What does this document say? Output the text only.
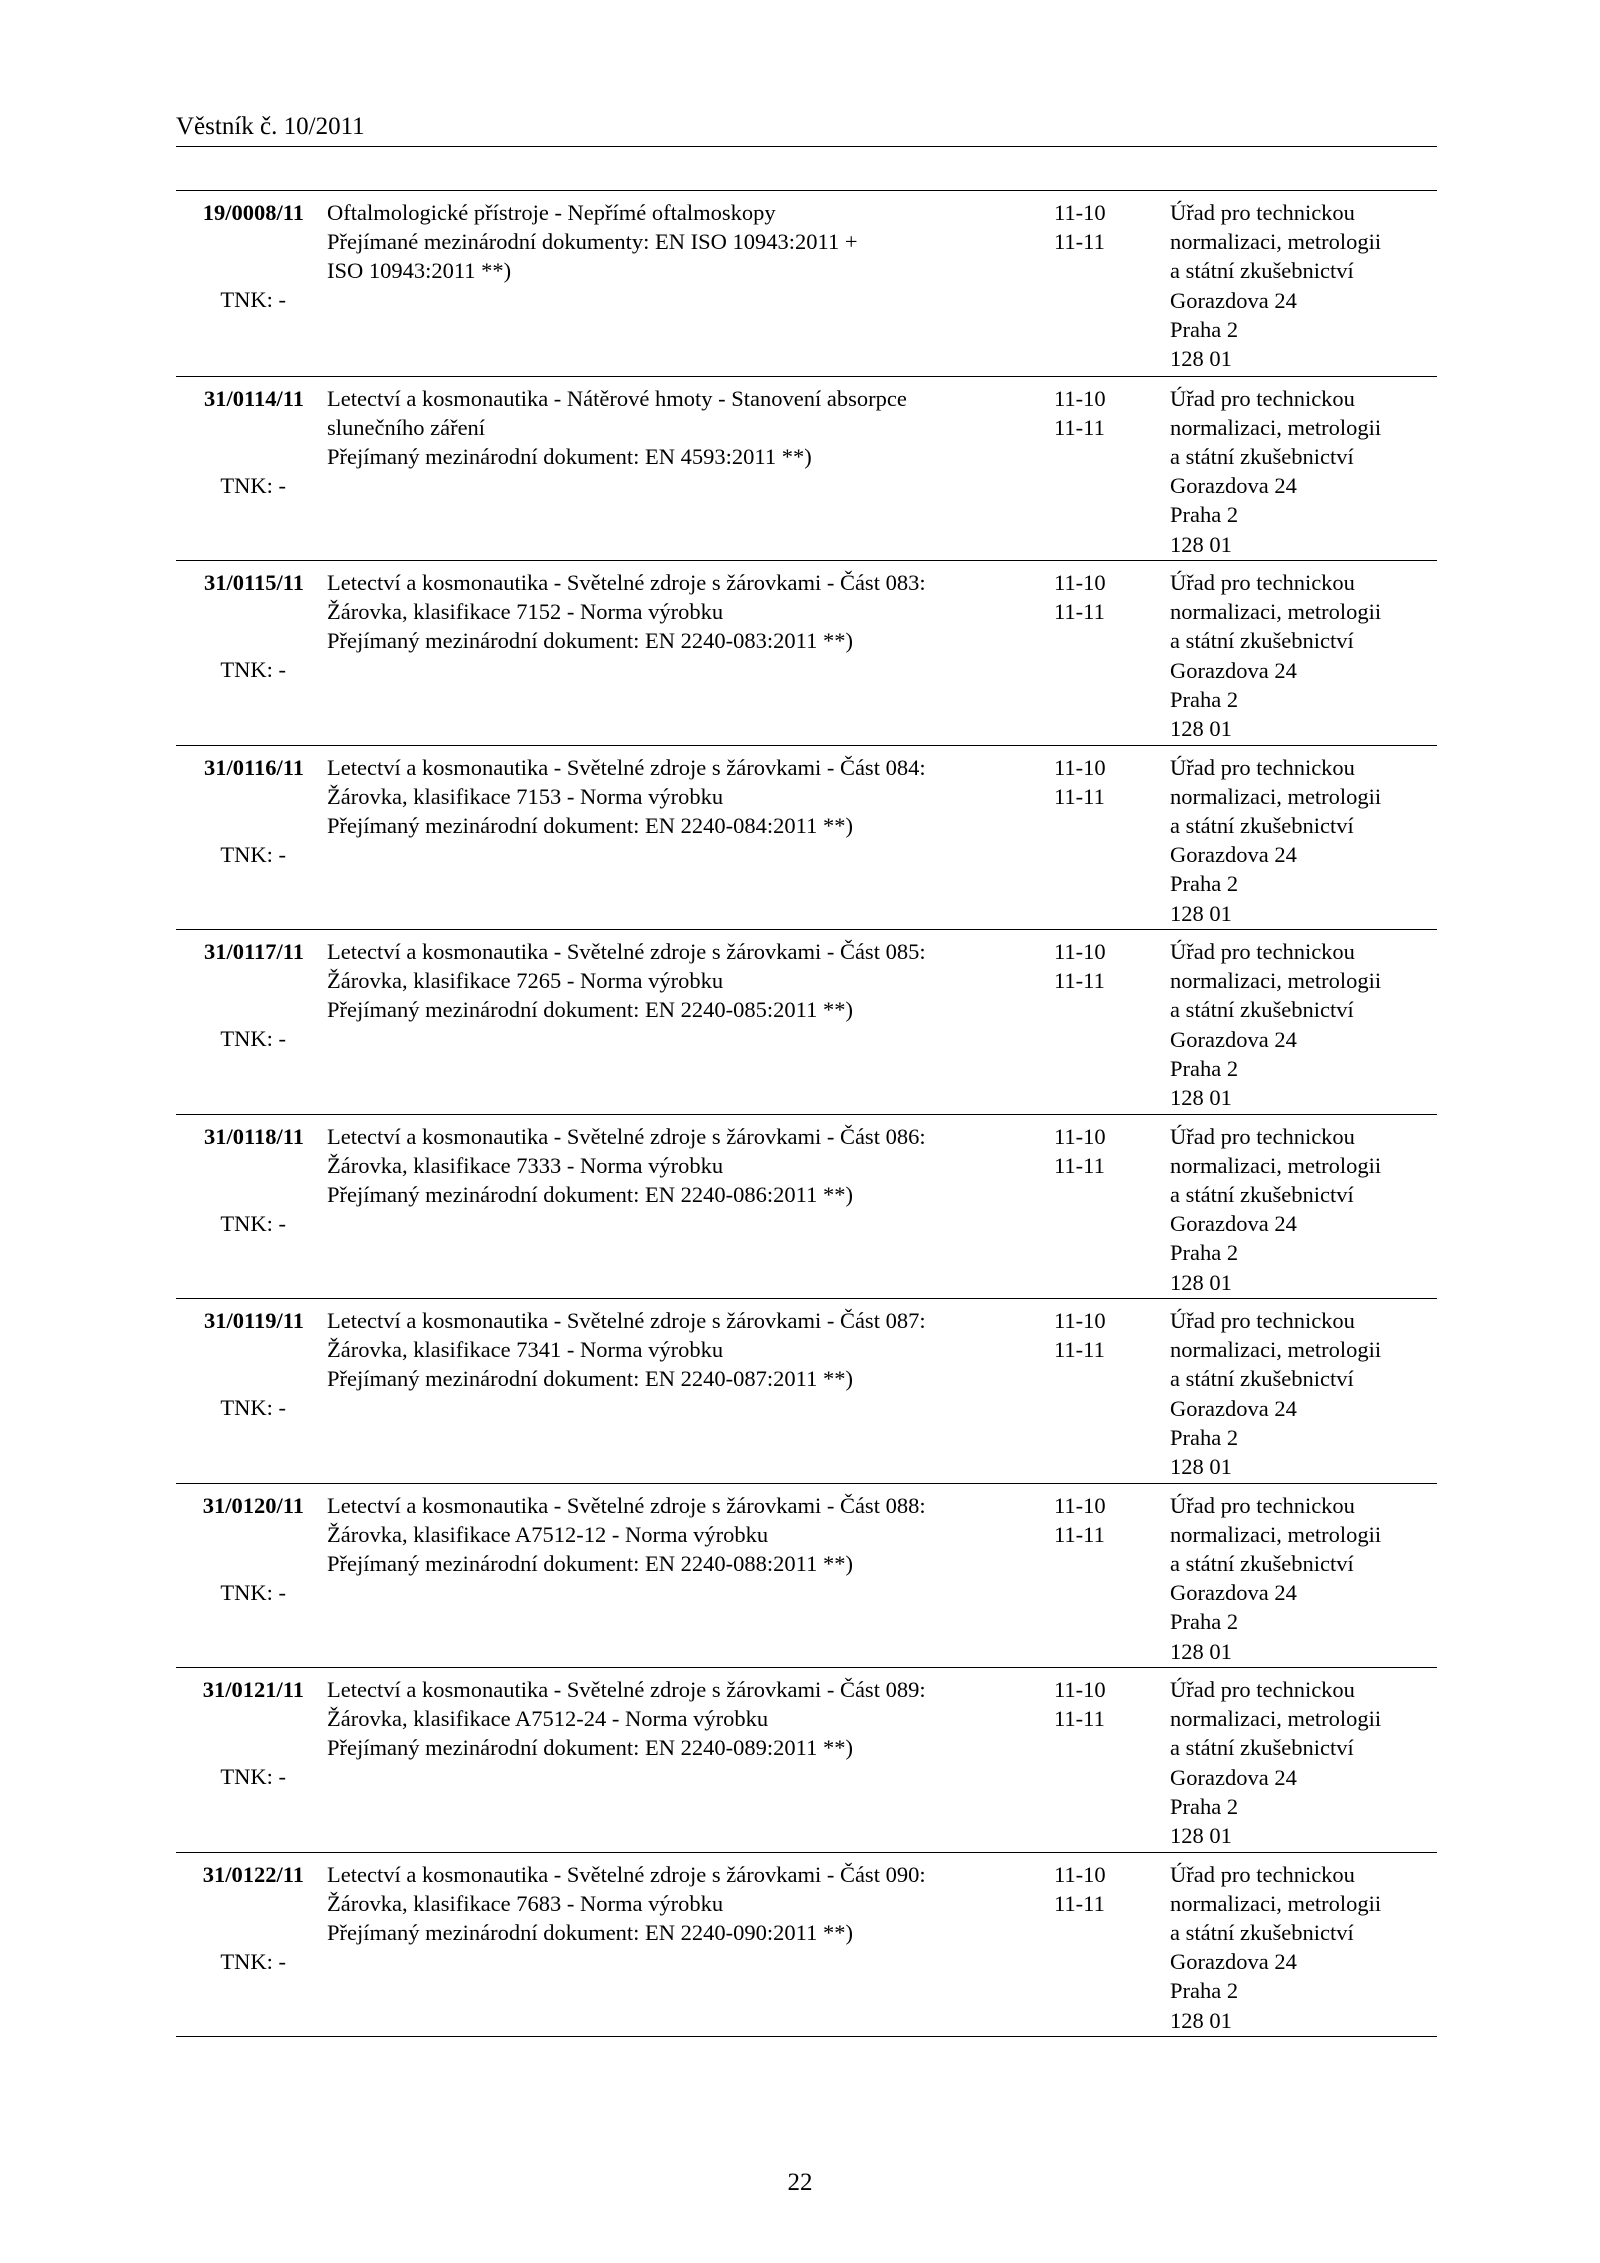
Věstník č. 10/2011
19/0008/11
TNK: -
Oftalmologické přístroje - Nepřímé oftalmoskopy
Přejímané mezinárodní dokumenty: EN ISO 10943:2011 +
ISO 10943:2011 **)
11-10
11-11
Úřad pro technickou
normalizaci, metrologii
a státní zkušebnictví
Gorazdova 24
Praha 2
128 01
31/0114/11
TNK: -
Letectví a kosmonautika - Nátěrové hmoty - Stanovení absorpce
slunečního záření
Přejímaný mezinárodní dokument: EN 4593:2011 **)
11-10
11-11
Úřad pro technickou
normalizaci, metrologii
a státní zkušebnictví
Gorazdova 24
Praha 2
128 01
31/0115/11
TNK: -
Letectví a kosmonautika - Světelné zdroje s žárovkami - Část 083:
Žárovka, klasifikace 7152 - Norma výrobku
Přejímaný mezinárodní dokument: EN 2240-083:2011 **)
11-10
11-11
Úřad pro technickou
normalizaci, metrologii
a státní zkušebnictví
Gorazdova 24
Praha 2
128 01
31/0116/11
TNK: -
Letectví a kosmonautika - Světelné zdroje s žárovkami - Část 084:
Žárovka, klasifikace 7153 - Norma výrobku
Přejímaný mezinárodní dokument: EN 2240-084:2011 **)
11-10
11-11
Úřad pro technickou
normalizaci, metrologii
a státní zkušebnictví
Gorazdova 24
Praha 2
128 01
31/0117/11
TNK: -
Letectví a kosmonautika - Světelné zdroje s žárovkami - Část 085:
Žárovka, klasifikace 7265 - Norma výrobku
Přejímaný mezinárodní dokument: EN 2240-085:2011 **)
11-10
11-11
Úřad pro technickou
normalizaci, metrologii
a státní zkušebnictví
Gorazdova 24
Praha 2
128 01
31/0118/11
TNK: -
Letectví a kosmonautika - Světelné zdroje s žárovkami - Část 086:
Žárovka, klasifikace 7333 - Norma výrobku
Přejímaný mezinárodní dokument: EN 2240-086:2011 **)
11-10
11-11
Úřad pro technickou
normalizaci, metrologii
a státní zkušebnictví
Gorazdova 24
Praha 2
128 01
31/0119/11
TNK: -
Letectví a kosmonautika - Světelné zdroje s žárovkami - Část 087:
Žárovka, klasifikace 7341 - Norma výrobku
Přejímaný mezinárodní dokument: EN 2240-087:2011 **)
11-10
11-11
Úřad pro technickou
normalizaci, metrologii
a státní zkušebnictví
Gorazdova 24
Praha 2
128 01
31/0120/11
TNK: -
Letectví a kosmonautika - Světelné zdroje s žárovkami - Část 088:
Žárovka, klasifikace A7512-12 - Norma výrobku
Přejímaný mezinárodní dokument: EN 2240-088:2011 **)
11-10
11-11
Úřad pro technickou
normalizaci, metrologii
a státní zkušebnictví
Gorazdova 24
Praha 2
128 01
31/0121/11
TNK: -
Letectví a kosmonautika - Světelné zdroje s žárovkami - Část 089:
Žárovka, klasifikace A7512-24 - Norma výrobku
Přejímaný mezinárodní dokument: EN 2240-089:2011 **)
11-10
11-11
Úřad pro technickou
normalizaci, metrologii
a státní zkušebnictví
Gorazdova 24
Praha 2
128 01
31/0122/11
TNK: -
Letectví a kosmonautika - Světelné zdroje s žárovkami - Část 090:
Žárovka, klasifikace 7683 - Norma výrobku
Přejímaný mezinárodní dokument: EN 2240-090:2011 **)
11-10
11-11
Úřad pro technickou
normalizaci, metrologii
a státní zkušebnictví
Gorazdova 24
Praha 2
128 01
22
